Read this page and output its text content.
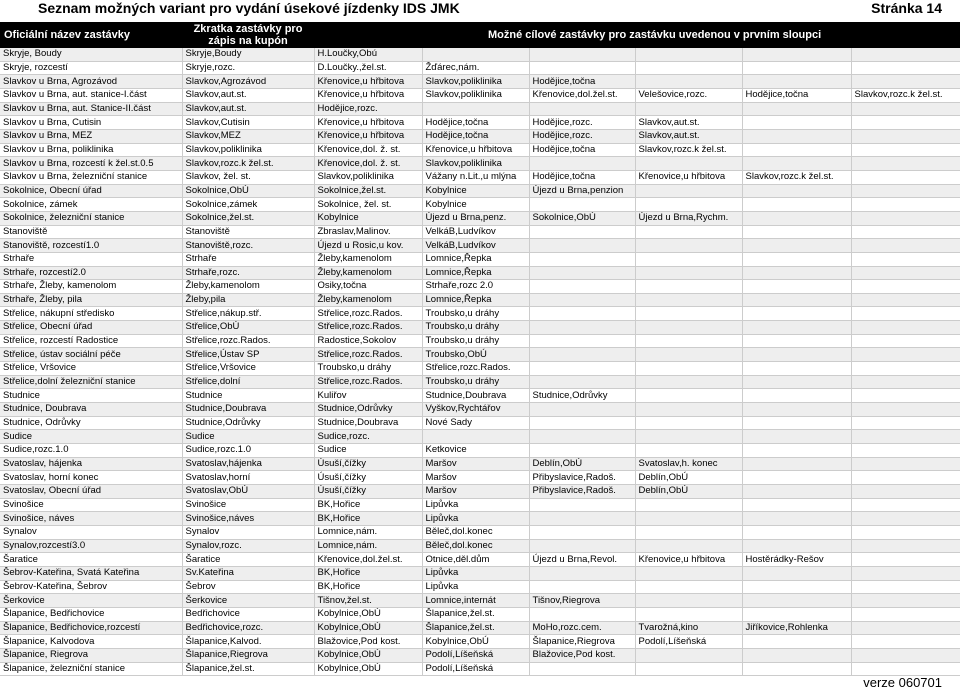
Seznam možných variant pro vydání úsekové jízdenky IDS JMK	Stránka 14
Oficiální název zastávky	Zkratka zastávky pro zápis na kupón	Možné cílové zastávky pro zastávku uvedenou v prvním sloupci
Skryje, Boudy	Skryje,Boudy	H.Loučky,Obú					
Skryje, rozcestí	Skryje,rozc.	D.Loučky.,žel.st.	Žďárec,nám.				
Slavkov u Brna, Agrozávod	Slavkov,Agrozávod	Křenovice,u hřbitova	Slavkov,poliklinika	Hodějice,točna			
Slavkov u Brna, aut. stanice-I.část	Slavkov,aut.st.	Křenovice,u hřbitova	Slavkov,poliklinika	Křenovice,dol.žel.st.	Velešovice,rozc.	Hodějice,točna	Slavkov,rozc.k žel.st.
Slavkov u Brna, aut. Stanice-II.část	Slavkov,aut.st.	Hodějice,rozc.					
Slavkov u Brna, Cutisin	Slavkov,Cutisin	Křenovice,u hřbitova	Hodějice,točna	Hodějice,rozc.	Slavkov,aut.st.		
Slavkov u Brna, MEZ	Slavkov,MEZ	Křenovice,u hřbitova	Hodějice,točna	Hodějice,rozc.	Slavkov,aut.st.		
Slavkov u Brna, poliklinika	Slavkov,poliklinika	Křenovice,dol. ž. st.	Křenovice,u hřbitova	Hodějice,točna	Slavkov,rozc.k žel.st.		
Slavkov u Brna, rozcestí k žel.st.0.5	Slavkov,rozc.k žel.st.	Křenovice,dol. ž. st.	Slavkov,poliklinika				
Slavkov u Brna, železniční stanice	Slavkov, žel. st.	Slavkov,poliklinika	Vážany n.Lit.,u mlýna	Hodějice,točna	Křenovice,u hřbitova	Slavkov,rozc.k žel.st.	
Sokolnice, Obecní úřad	Sokolnice,ObÚ	Sokolnice,žel.st.	Kobylnice	Újezd u Brna,penzion			
Sokolnice, zámek	Sokolnice,zámek	Sokolnice, žel. st.	Kobylnice				
Sokolnice, železniční stanice	Sokolnice,žel.st.	Kobylnice	Újezd u Brna,penz.	Sokolnice,ObÚ	Újezd u Brna,Rychm.		
Stanoviště	Stanoviště	Zbraslav,Malinov.	VelkáB,Ludvíkov				
Stanoviště, rozcestí1.0	Stanoviště,rozc.	Újezd u Rosic,u kov.	VelkáB,Ludvíkov				
Strhaře	Strhaře	Žleby,kamenolom	Lomnice,Řepka				
Strhaře, rozcestí2.0	Strhaře,rozc.	Žleby,kamenolom	Lomnice,Řepka				
Strhaře, Žleby, kamenolom	Žleby,kamenolom	Osiky,točna	Strhaře,rozc 2.0				
Strhaře, Žleby, pila	Žleby,pila	Žleby,kamenolom	Lomnice,Řepka				
Střelice, nákupní středisko	Střelice,nákup.stř.	Střelice,rozc.Rados.	Troubsko,u dráhy				
Střelice, Obecní úřad	Střelice,ObÚ	Střelice,rozc.Rados.	Troubsko,u dráhy				
Střelice, rozcestí Radostice	Střelice,rozc.Rados.	Radostice,Sokolov	Troubsko,u dráhy				
Střelice, ústav sociální péče	Střelice,Ústav SP	Střelice,rozc.Rados.	Troubsko,ObÚ				
Střelice, Vršovice	Střelice,Vršovice	Troubsko,u dráhy	Střelice,rozc.Rados.				
Střelice,dolní železniční stanice	Střelice,dolní	Střelice,rozc.Rados.	Troubsko,u dráhy				
Studnice	Studnice	Kuliřov	Studnice,Doubrava	Studnice,Odrůvky			
Studnice, Doubrava	Studnice,Doubrava	Studnice,Odrůvky	Vyškov,Rychtářov				
Studnice, Odrůvky	Studnice,Odrůvky	Studnice,Doubrava	Nové Sady				
Sudice	Sudice	Sudice,rozc.					
Sudice,rozc.1.0	Sudice,rozc.1.0	Sudice	Ketkovice				
Svatoslav, hájenka	Svatoslav,hájenka	Úsuší,čížky	Maršov	Deblín,ObÚ	Svatoslav,h. konec		
Svatoslav, horní konec	Svatoslav,horní	Úsuší,čížky	Maršov	Přibyslavice,Radoš.	Deblín,ObÚ		
Svatoslav, Obecní úřad	Svatoslav,ObÚ	Úsuší,čížky	Maršov	Přibyslavice,Radoš.	Deblín,ObÚ		
Svinošice	Svinošice	BK,Hořice	Lipůvka				
Svinošice, náves	Svinošice,náves	BK,Hořice	Lipůvka				
Synalov	Synalov	Lomnice,nám.	Běleč,dol.konec				
Synalov,rozcestí3.0	Synalov,rozc.	Lomnice,nám.	Běleč,dol.konec				
Šaratice	Šaratice	Křenovice,dol.žel.st.	Otnice,děl.dům	Újezd u Brna,Revol.	Křenovice,u hřbitova	Hostěrádky-Rešov	
Šebrov-Kateřina, Svatá Kateřina	Sv.Kateřina	BK,Hořice	Lipůvka				
Šebrov-Kateřina, Šebrov	Šebrov	BK,Hořice	Lipůvka				
Šerkovice	Šerkovice	Tišnov,žel.st.	Lomnice,internát	Tišnov,Riegrova			
Šlapanice, Bedřichovice	Bedřichovice	Kobylnice,ObÚ	Šlapanice,žel.st.				
Šlapanice, Bedřichovice,rozcestí	Bedřichovice,rozc.	Kobylnice,ObÚ	Šlapanice,žel.st.	MoHo,rozc.cem.	Tvarožná,kino	Jiříkovice,Rohlenka	
Šlapanice, Kalvodova	Šlapanice,Kalvod.	Blažovice,Pod kost.	Kobylnice,ObÚ	Šlapanice,Riegrova	Podolí,Líšeňská		
Šlapanice, Riegrova	Šlapanice,Riegrova	Kobylnice,ObÚ	Podolí,Líšeňská	Blažovice,Pod kost.			
Šlapanice, železniční stanice	Šlapanice,žel.st.	Kobylnice,ObÚ	Podolí,Líšeňská				
verze 060701
